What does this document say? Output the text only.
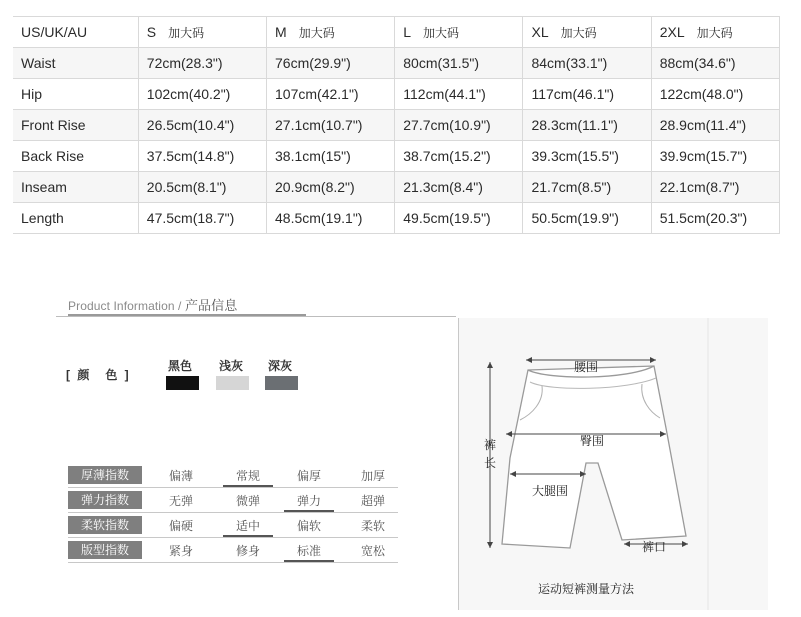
US/UK/AU	S 加大码	M 加大码	L 加大码	XL 加大码	2XL 加大码
Waist	72cm(28.3")	76cm(29.9")	80cm(31.5")	84cm(33.1")	88cm(34.6")
Hip	102cm(40.2")	107cm(42.1")	112cm(44.1")	117cm(46.1")	122cm(48.0")
Front Rise	26.5cm(10.4")	27.1cm(10.7")	27.7cm(10.9")	28.3cm(11.1")	28.9cm(11.4")
Back Rise	37.5cm(14.8")	38.1cm(15")	38.7cm(15.2")	39.3cm(15.5")	39.9cm(15.7")
Inseam	20.5cm(8.1")	20.9cm(8.2")	21.3cm(8.4")	21.7cm(8.5")	22.1cm(8.7")
Length	47.5cm(18.7")	48.5cm(19.1")	49.5cm(19.5")	50.5cm(19.9")	51.5cm(20.3")
Product Information / 产品信息
[ 颜　色 ]
黑色 浅灰 深灰
厚薄指数	偏薄	常规	偏厚	加厚
弹力指数	无弹	微弹	弹力	超弹
柔软指数	偏硬	适中	偏软	柔软
版型指数	紧身	修身	标准	宽松
腰围
臀围
裤
长
大腿围
裤口
运动短裤测量方法
